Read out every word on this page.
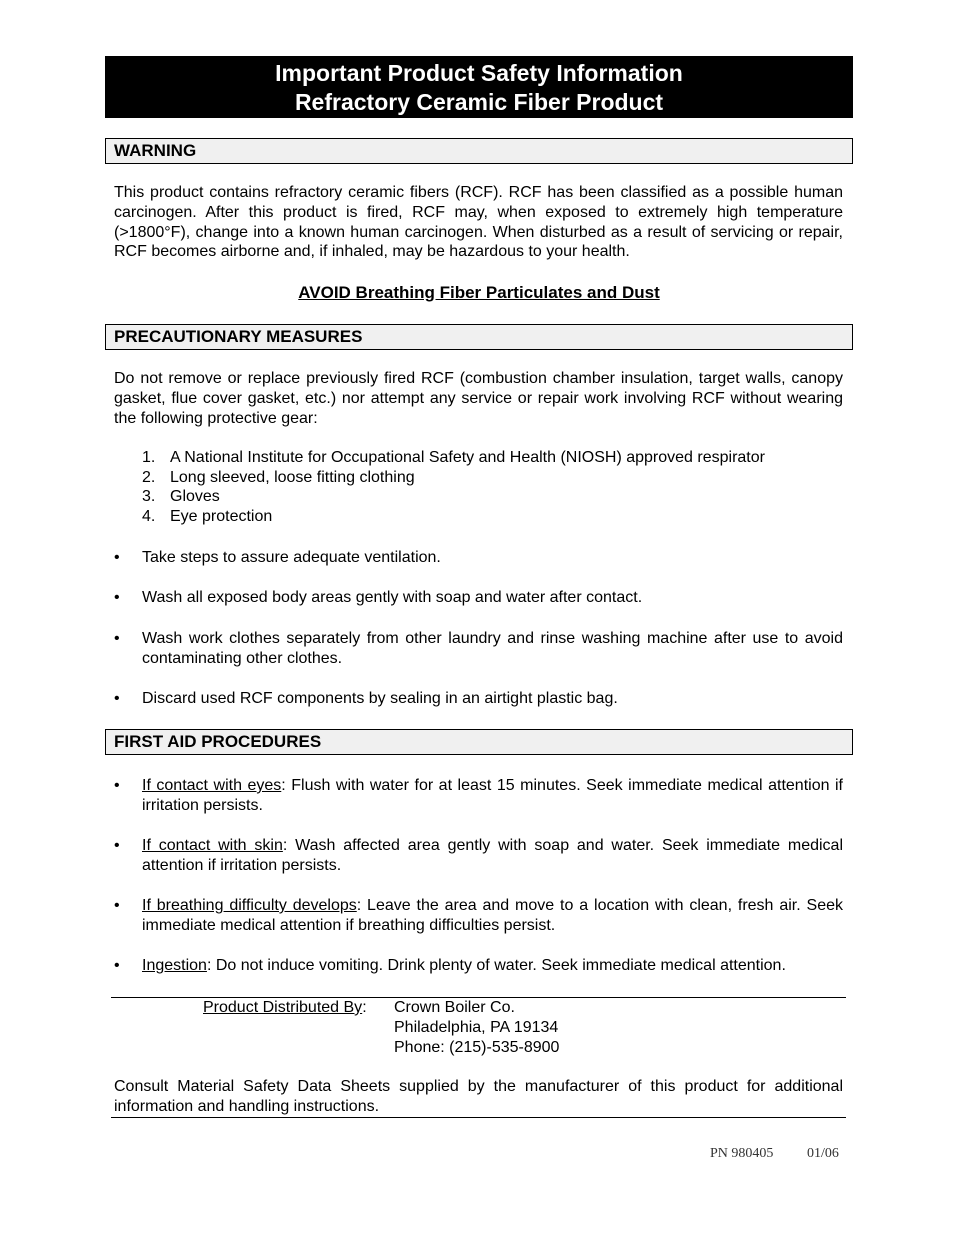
Important Product Safety Information
Refractory Ceramic Fiber Product
WARNING
This product contains refractory ceramic fibers (RCF). RCF has been classified as a possible human carcinogen. After this product is fired, RCF may, when exposed to extremely high temperature (>1800°F), change into a known human carcinogen. When disturbed as a result of servicing or repair, RCF becomes airborne and, if inhaled, may be hazardous to your health.
AVOID Breathing Fiber Particulates and Dust
PRECAUTIONARY MEASURES
Do not remove or replace previously fired RCF (combustion chamber insulation, target walls, canopy gasket, flue cover gasket, etc.) nor attempt any service or repair work involving RCF without wearing the following protective gear:
1. A National Institute for Occupational Safety and Health (NIOSH) approved respirator
2. Long sleeved, loose fitting clothing
3. Gloves
4. Eye protection
• Take steps to assure adequate ventilation.
• Wash all exposed body areas gently with soap and water after contact.
• Wash work clothes separately from other laundry and rinse washing machine after use to avoid contaminating other clothes.
• Discard used RCF components by sealing in an airtight plastic bag.
FIRST AID PROCEDURES
• If contact with eyes: Flush with water for at least 15 minutes. Seek immediate medical attention if irritation persists.
• If contact with skin: Wash affected area gently with soap and water. Seek immediate medical attention if irritation persists.
• If breathing difficulty develops: Leave the area and move to a location with clean, fresh air. Seek immediate medical attention if breathing difficulties persist.
• Ingestion: Do not induce vomiting. Drink plenty of water. Seek immediate medical attention.
Product Distributed By: Crown Boiler Co.
Philadelphia, PA 19134
Phone: (215)-535-8900
Consult Material Safety Data Sheets supplied by the manufacturer of this product for additional information and handling instructions.
PN 980405 01/06
